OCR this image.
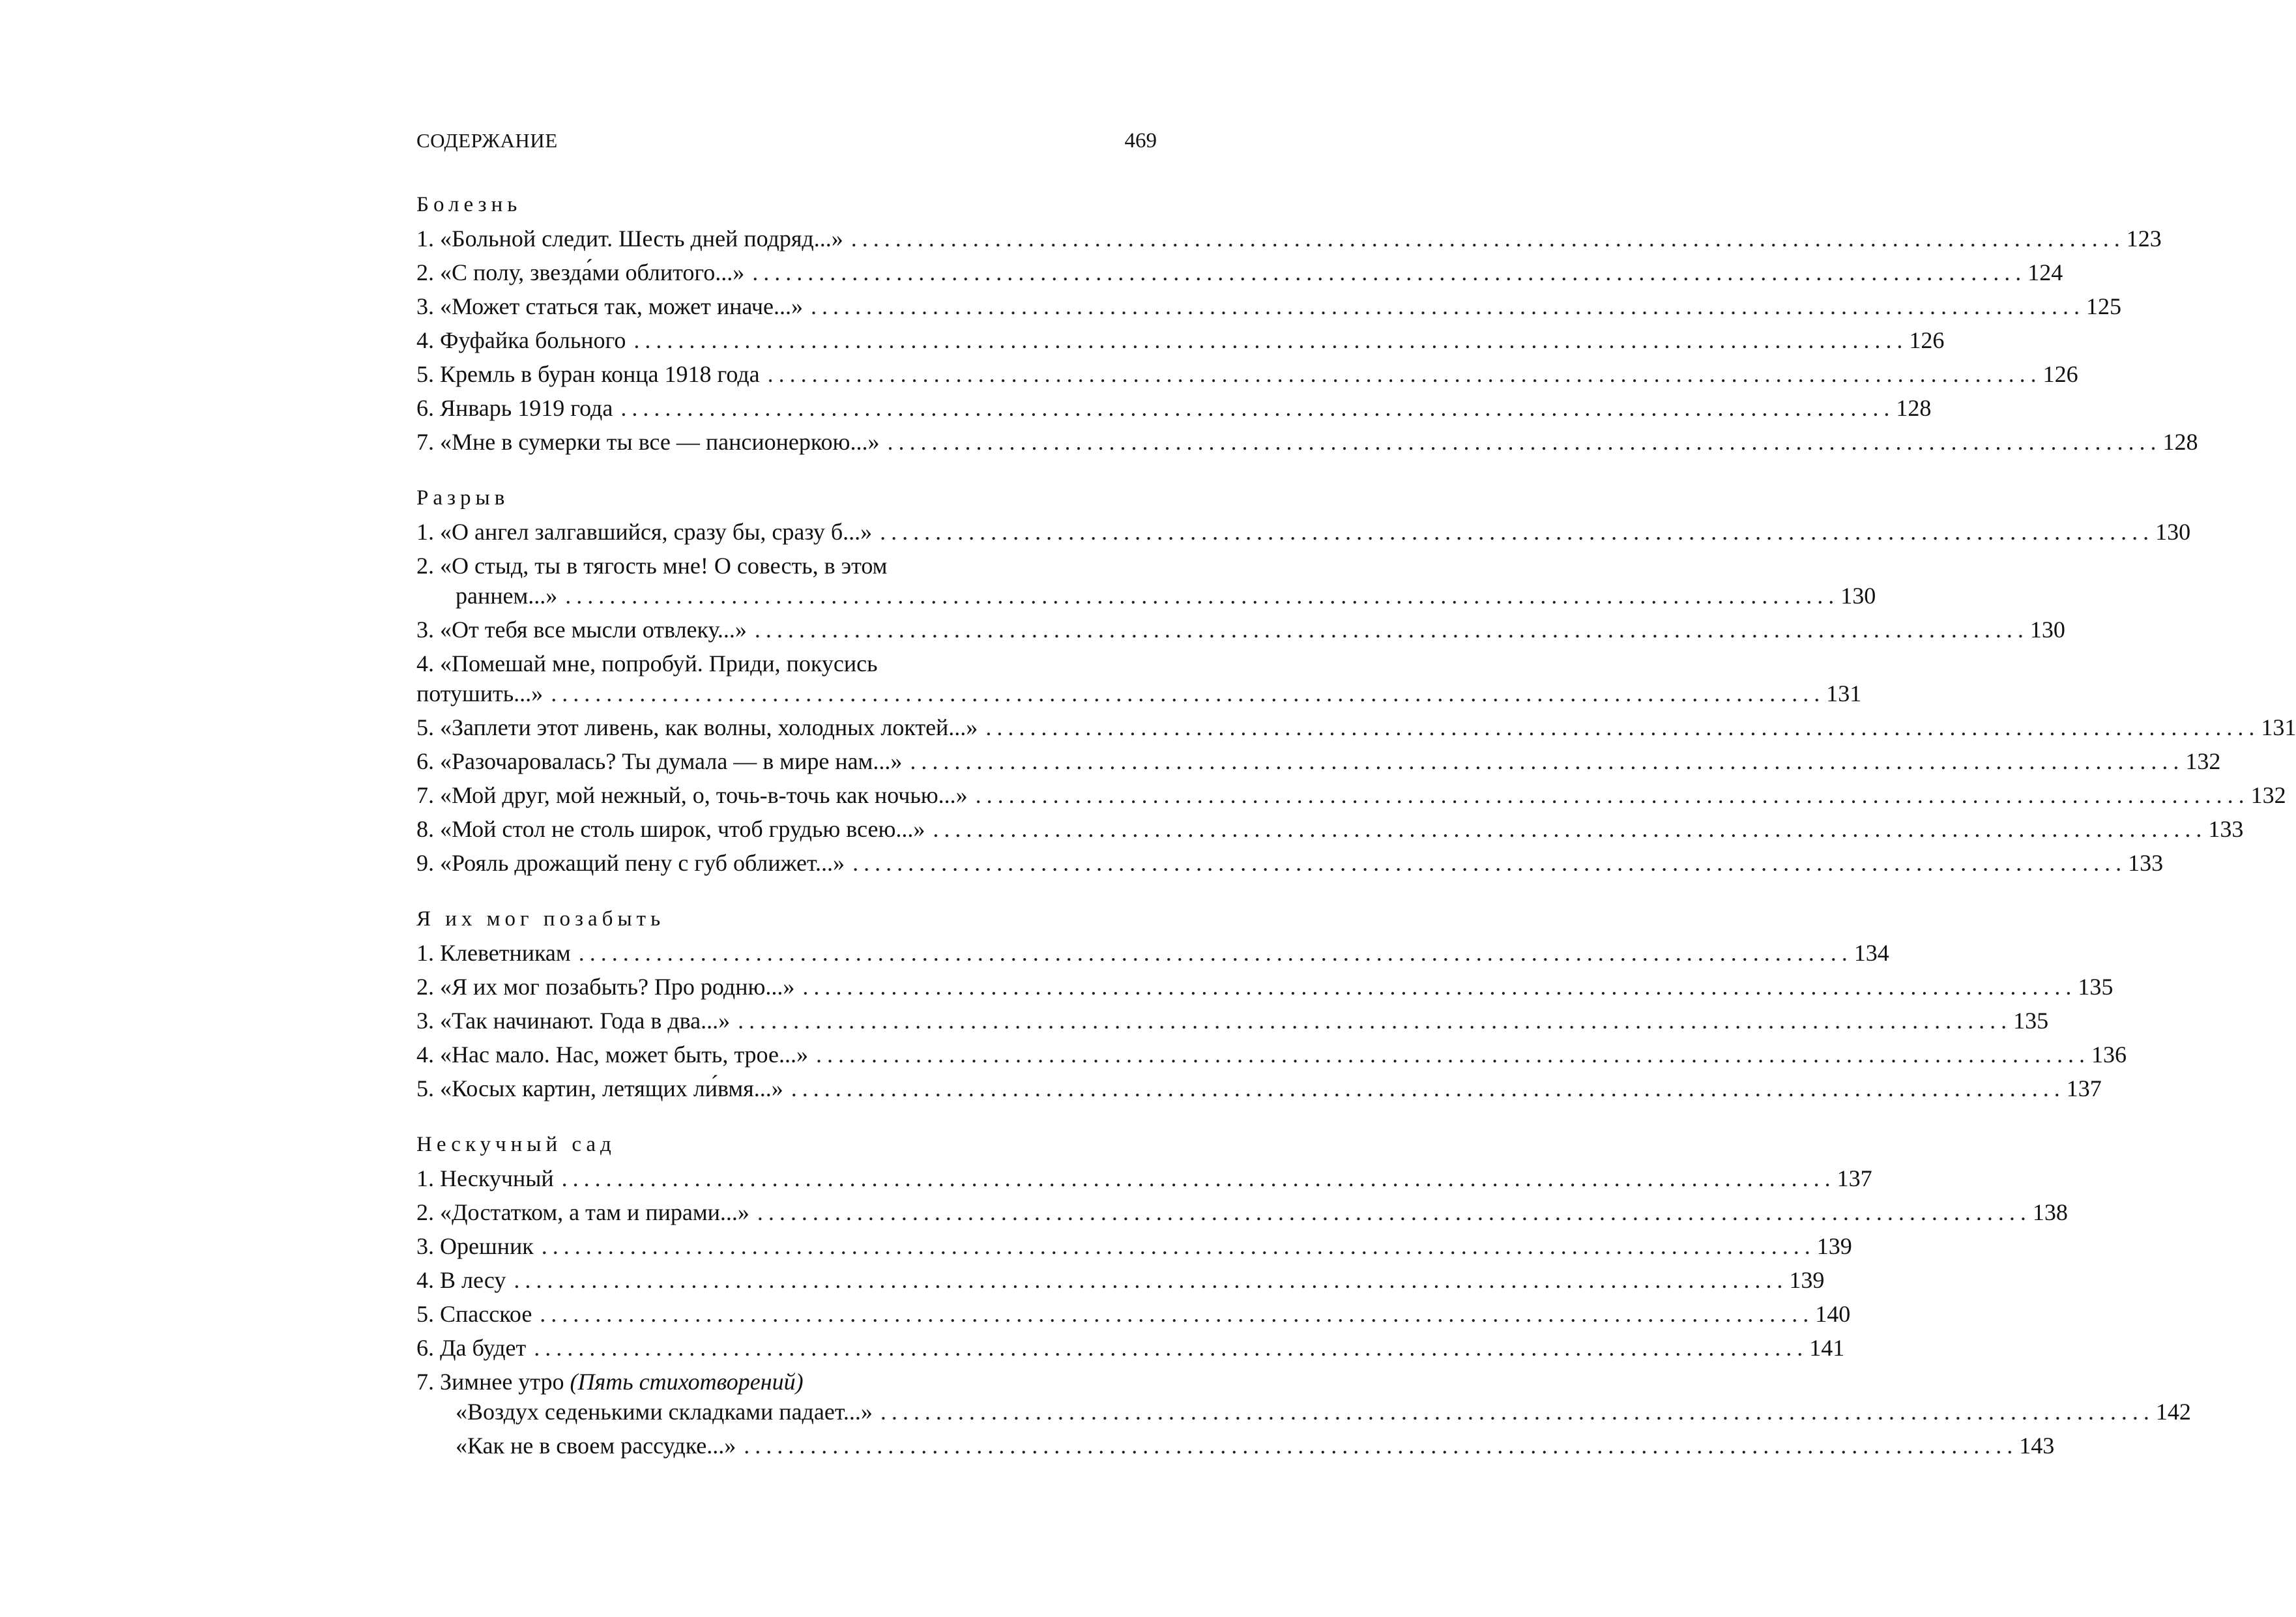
СОДЕРЖАНИЕ	469
Болезнь
1. «Больной следит. Шесть дней подряд...» ................................................................................................................... 123
2. «С полу, звезда́ми облитого...» ................................................................................................................... 124
3. «Может статься так, может иначе...» ................................................................................................................... 125
4. Фуфайка больного ................................................................................................................... 126
5. Кремль в буран конца 1918 года ................................................................................................................... 126
6. Январь 1919 года ................................................................................................................... 128
7. «Мне в сумерки ты все — пансионеркою...» ................................................................................................................... 128
Разрыв
1. «О ангел залгавшийся, сразу бы, сразу б...» ................................................................................................................... 130
2. «О стыд, ты в тягость мне! О совесть, в этом
раннем...» ................................................................................................................... 130
3. «От тебя все мысли отвлеку...» ................................................................................................................... 130
4. «Помешай мне, попробуй. Приди, покусись
потушить...» ................................................................................................................... 131
5. «Заплети этот ливень, как волны, холодных локтей...» ................................................................................................................... 131
6. «Разочаровалась? Ты думала — в мире нам...» ................................................................................................................... 132
7. «Мой друг, мой нежный, о, точь-в-точь как ночью...» ................................................................................................................... 132
8. «Мой стол не столь широк, чтоб грудью всею...» ................................................................................................................... 133
9. «Рояль дрожащий пену с губ оближет...» ................................................................................................................... 133
Я их мог позабыть
1. Клеветникам ................................................................................................................... 134
2. «Я их мог позабыть? Про родню...» ................................................................................................................... 135
3. «Так начинают. Года в два...» ................................................................................................................... 135
4. «Нас мало. Нас, может быть, трое...» ................................................................................................................... 136
5. «Косых картин, летящих ли́вмя...» ................................................................................................................... 137
Нескучный сад
1. Нескучный ................................................................................................................... 137
2. «Достатком, а там и пирами...» ................................................................................................................... 138
3. Орешник ................................................................................................................... 139
4. В лесу ................................................................................................................... 139
5. Спасское ................................................................................................................... 140
6. Да будет ................................................................................................................... 141
7. Зимнее утро (Пять стихотворений)
«Воздух седенькими складками падает...» ................................................................................................................... 142
«Как не в своем рассудке...» ................................................................................................................... 143
